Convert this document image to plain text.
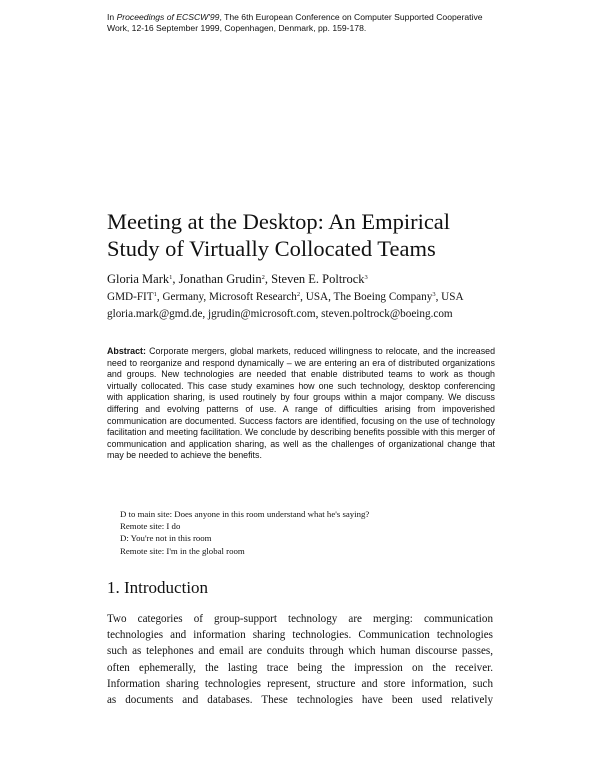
In Proceedings of ECSCW'99, The 6th European Conference on Computer Supported Cooperative
Work, 12-16 September 1999, Copenhagen, Denmark, pp. 159-178.
Meeting at the Desktop: An Empirical
Study of Virtually Collocated Teams
Gloria Mark$^1$, Jonathan Grudin$^2$, Steven E. Poltrock$^3$
GMD-FIT$^1$, Germany, Microsoft Research$^2$, USA, The Boeing Company$^3$, USA
gloria.mark@gmd.de, jgrudin@microsoft.com, steven.poltrock@boeing.com
Abstract: Corporate mergers, global markets, reduced willingness to relocate, and the increased need to reorganize and respond dynamically – we are entering an era of distributed organizations and groups. New technologies are needed that enable distributed teams to work as though virtually collocated. This case study examines how one such technology, desktop conferencing with application sharing, is used routinely by four groups within a major company. We discuss differing and evolving patterns of use. A range of difficulties arising from impoverished communication are documented. Success factors are identified, focusing on the use of technology facilitation and meeting facilitation. We conclude by describing benefits possible with this merger of communication and application sharing, as well as the challenges of organizational change that may be needed to achieve the benefits.
D to main site: Does anyone in this room understand what he's saying?
Remote site: I do
D: You're not in this room
Remote site: I'm in the global room
1. Introduction
Two categories of group-support technology are merging: communication
technologies and information sharing technologies. Communication technologies
such as telephones and email are conduits through which human discourse passes,
often ephemerally, the lasting trace being the impression on the receiver.
Information sharing technologies represent, structure and store information, such
as documents and databases. These technologies have been used relatively
